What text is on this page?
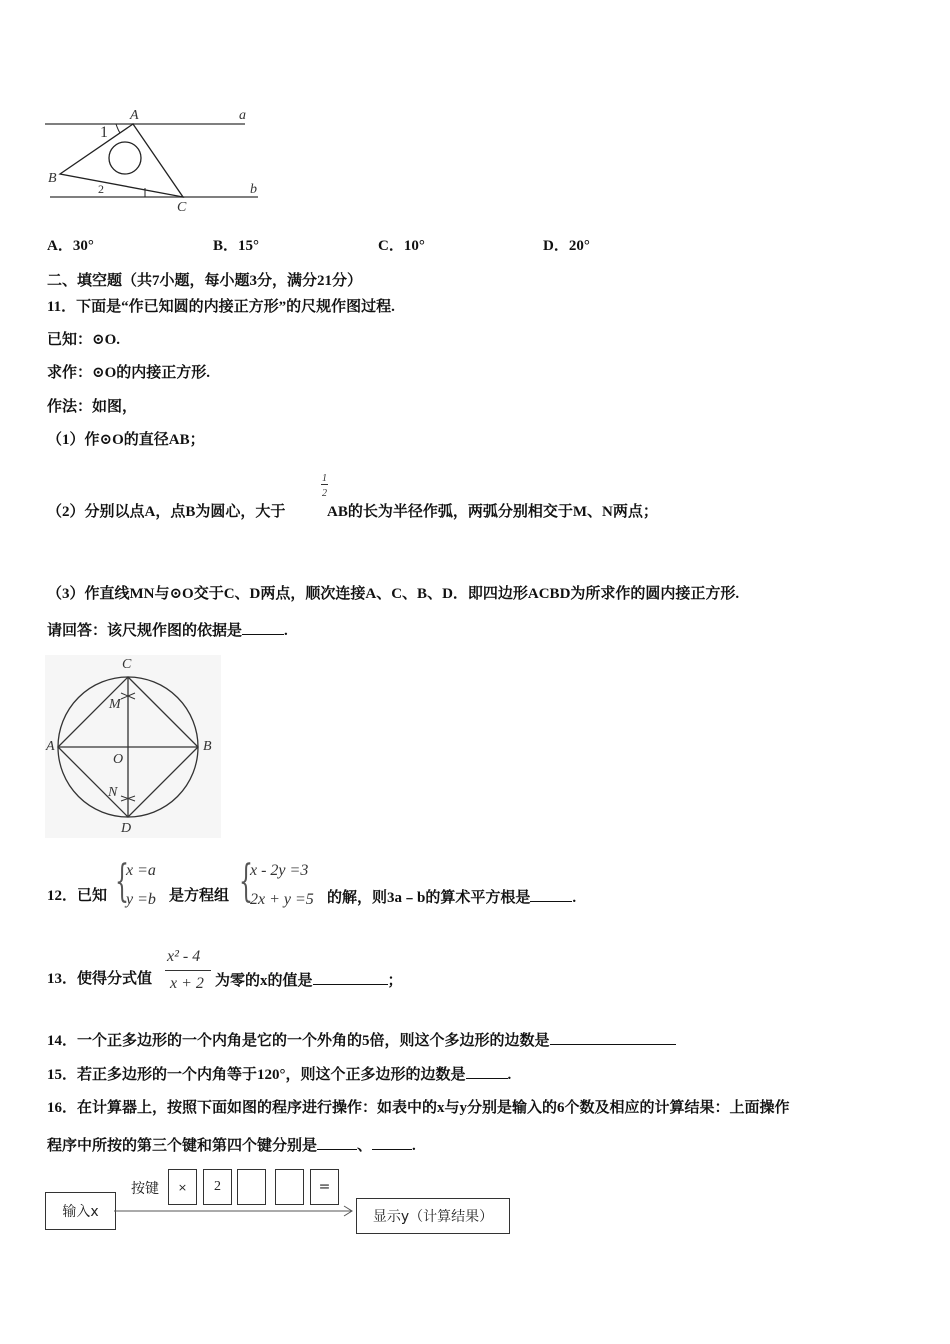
A	a
1
B
2	b
C
A．30°	B．15°	C．10°	D．20°
二、填空题（共7小题，每小题3分，满分21分）
11．下面是“作已知圆的内接正方形”的尺规作图过程.
已知：⊙O.
求作：⊙O的内接正方形.
作法：如图，
（1）作⊙O的直径AB；
1
2
（2）分别以点A，点B为圆心，大于	AB的长为半径作弧，两弧分别相交于M、N两点；
（3）作直线MN与⊙O交于C、D两点，顺次连接A、C、B、D．即四边形ACBD为所求作的圆内接正方形.
请回答：该尺规作图的依据是	.
C
M
A	B
O
N
D
12．已知 {
x =a
y =b 是方程组 {
x - 2y =3
2x + y =5 的解，则3a﹣b的算术平方根是	.
13．使得分式值
x² - 4
x + 2 为零的x的值是	；
14．一个正多边形的一个内角是它的一个外角的5倍，则这个多边形的边数是
15．若正多边形的一个内角等于120°，则这个正多边形的边数是	.
16．在计算器上，按照下面如图的程序进行操作：如表中的x与y分别是输入的6个数及相应的计算结果：上面操作
程序中所按的第三个键和第四个键分别是	、	.
输入x
按键	×	2	=
显示y（计算结果）
